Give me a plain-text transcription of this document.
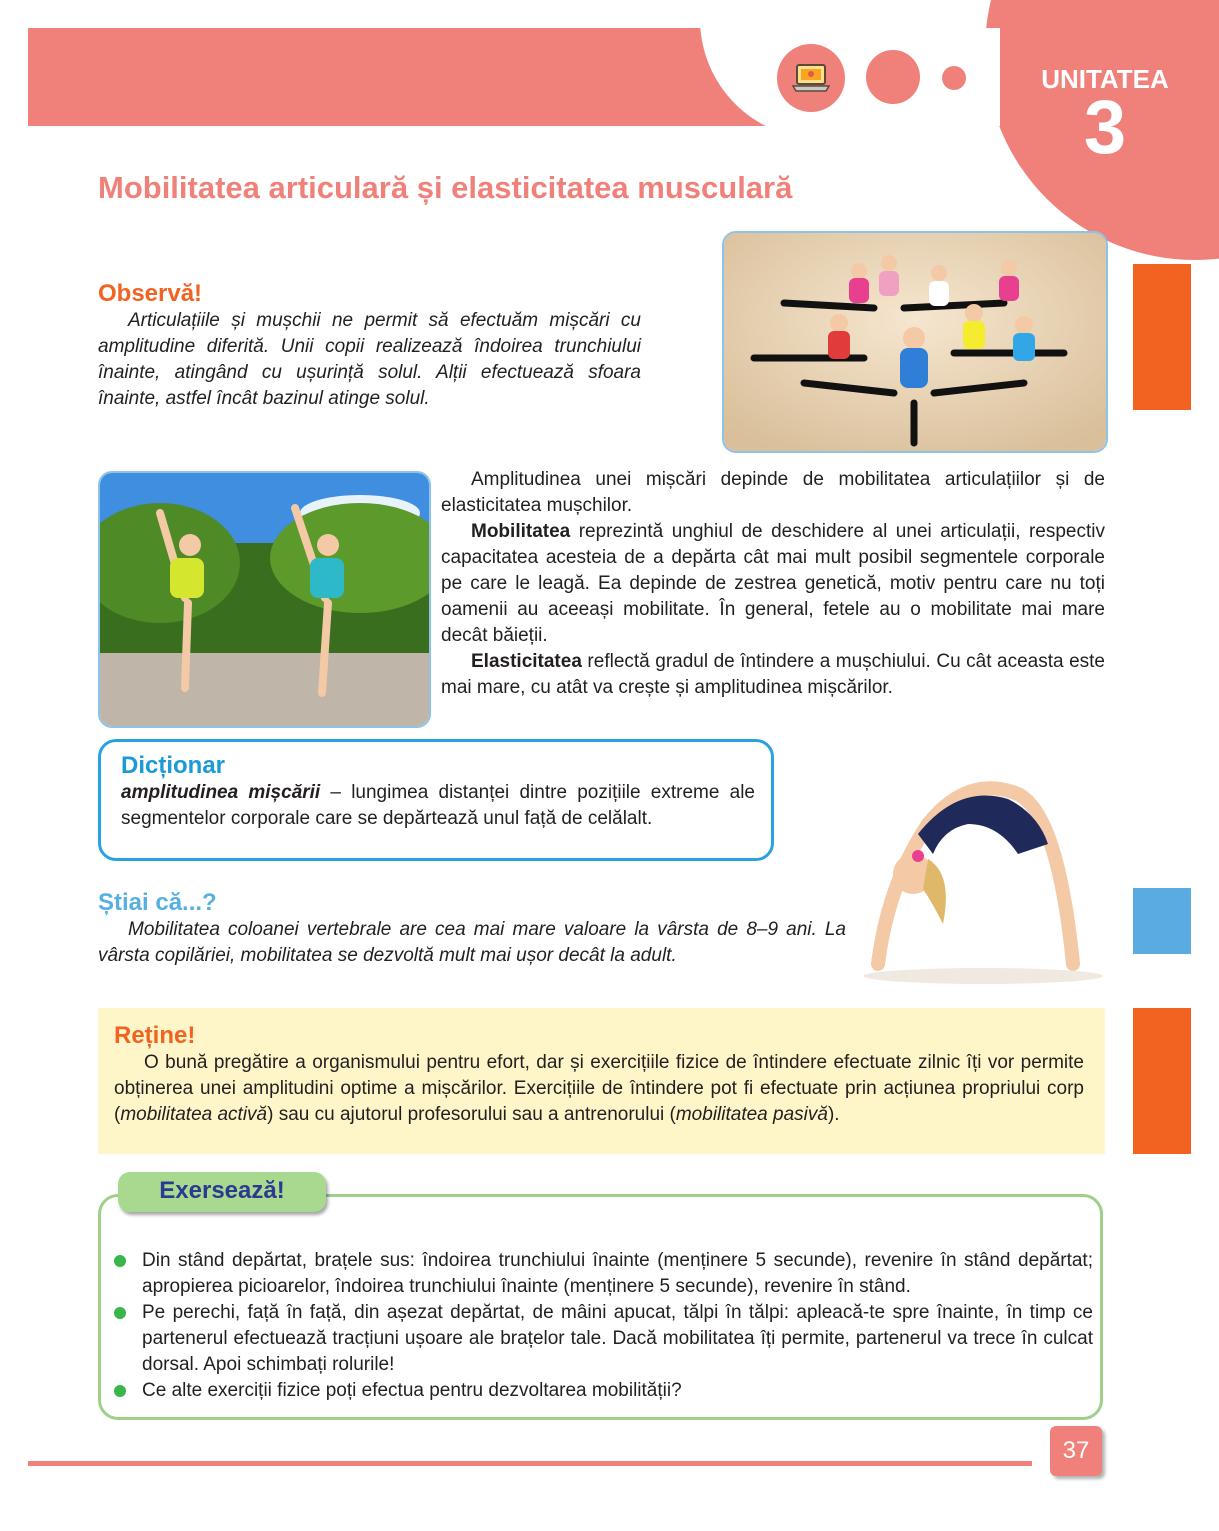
UNITATEA
3
Mobilitatea articulară și elasticitatea musculară

Observă!

Articulațiile și mușchii ne permit să efectuăm mișcări cu amplitudine diferită. Unii copii realizează îndoirea trunchiului înainte, atingând cu ușurință solul. Alții efectuează sfoara înainte, astfel încât bazinul atinge solul.

Amplitudinea unei mișcări depinde de mobilitatea articulațiilor și de elasticitatea mușchilor.

Mobilitatea reprezintă unghiul de deschidere al unei articulații, respectiv capacitatea acesteia de a depărta cât mai mult posibil segmentele corporale pe care le leagă. Ea depinde de zestrea genetică, motiv pentru care nu toți oamenii au aceeași mobilitate. În general, fetele au o mobilitate mai mare decât băieții.

Elasticitatea reflectă gradul de întindere a mușchiului. Cu cât aceasta este mai mare, cu atât va crește și amplitudinea mișcărilor.

Dicționar

amplitudinea mișcării – lungimea distanței dintre pozițiile extreme ale segmentelor corporale care se depărtează unul față de celălalt.

Știai că...?

Mobilitatea coloanei vertebrale are cea mai mare valoare la vârsta de 8–9 ani. La vârsta copilăriei, mobilitatea se dezvoltă mult mai ușor decât la adult.

Reține!

O bună pregătire a organismului pentru efort, dar și exercițiile fizice de întindere efectuate zilnic îți vor permite obținerea unei amplitudini optime a mișcărilor. Exercițiile de întindere pot fi efectuate prin acțiunea propriului corp (mobilitatea activă) sau cu ajutorul profesorului sau a antrenorului (mobilitatea pasivă).

Exersează!
Din stând depărtat, brațele sus: îndoirea trunchiului înainte (menținere 5 secunde), revenire în stând depărtat; apropierea picioarelor, îndoirea trunchiului înainte (menținere 5 secunde), revenire în stând.
Pe perechi, față în față, din așezat depărtat, de mâini apucat, tălpi în tălpi: apleacă-te spre înainte, în timp ce partenerul efectuează tracțiuni ușoare ale brațelor tale. Dacă mobilitatea îți permite, partenerul va trece în culcat dorsal. Apoi schimbați rolurile!
Ce alte exerciții fizice poți efectua pentru dezvoltarea mobilității?
37
